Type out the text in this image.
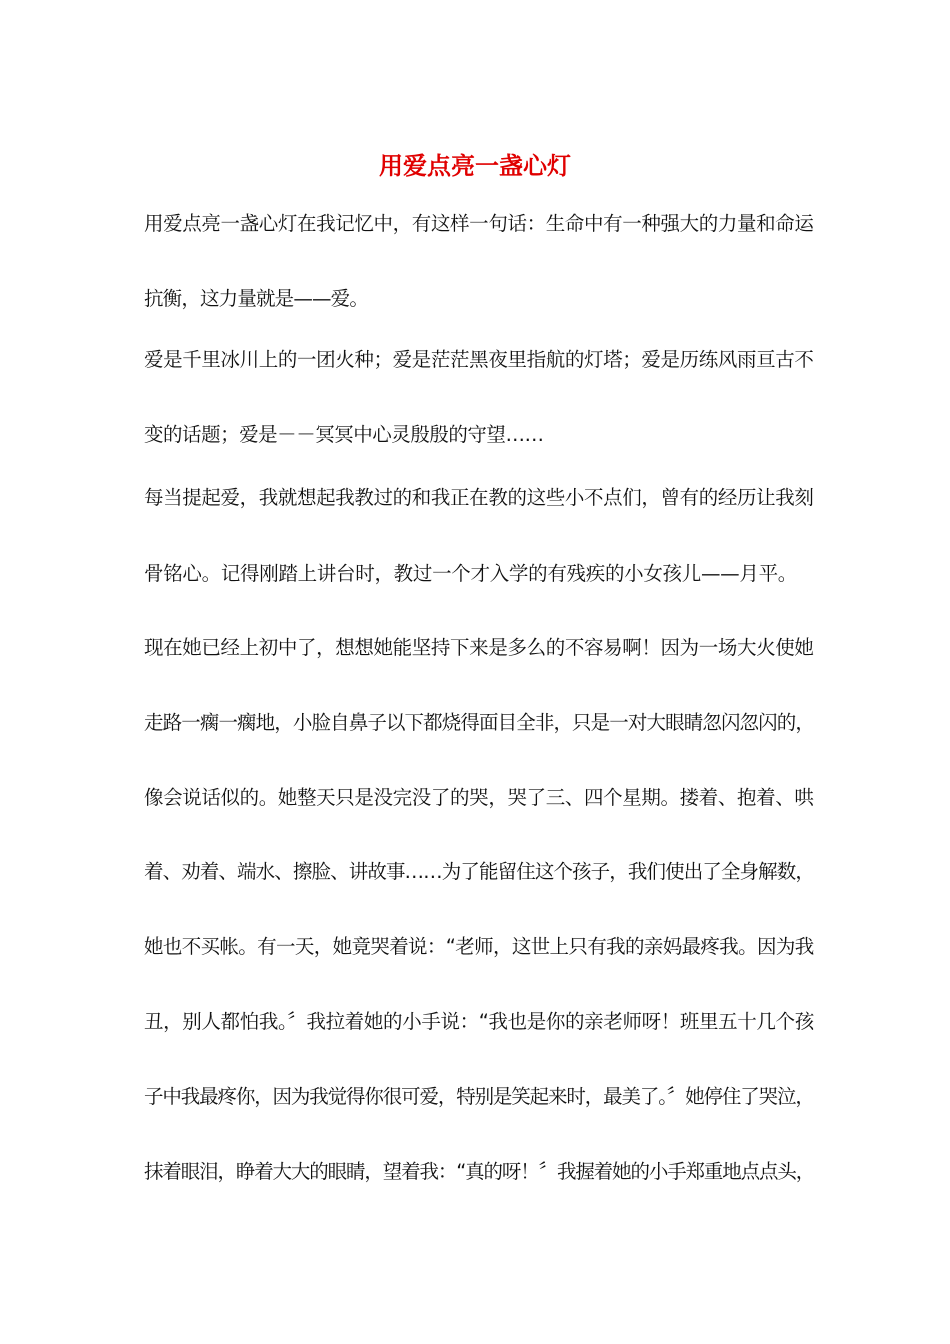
用爱点亮一盏心灯

用爱点亮一盏心灯在我记忆中，有这样一句话：生命中有一种强大的力量和命运

抗衡，这力量就是——爱。

爱是千里冰川上的一团火种；爱是茫茫黑夜里指航的灯塔；爱是历练风雨亘古不

变的话题；爱是－－冥冥中心灵殷殷的守望……

每当提起爱，我就想起我教过的和我正在教的这些小不点们，曾有的经历让我刻

骨铭心。记得刚踏上讲台时，教过一个才入学的有残疾的小女孩儿——月平。

现在她已经上初中了，想想她能坚持下来是多么的不容易啊！因为一场大火使她

走路一瘸一瘸地，小脸自鼻子以下都烧得面目全非，只是一对大眼睛忽闪忽闪的，

像会说话似的。她整天只是没完没了的哭，哭了三、四个星期。搂着、抱着、哄

着、劝着、端水、擦脸、讲故事……为了能留住这个孩子，我们使出了全身解数，

她也不买帐。有一天，她竟哭着说：“老师，这世上只有我的亲妈最疼我。因为我

丑，别人都怕我。〞我拉着她的小手说：“我也是你的亲老师呀！班里五十几个孩

子中我最疼你，因为我觉得你很可爱，特别是笑起来时，最美了。〞她停住了哭泣，

抹着眼泪，睁着大大的眼睛，望着我：“真的呀！〞我握着她的小手郑重地点点头，
